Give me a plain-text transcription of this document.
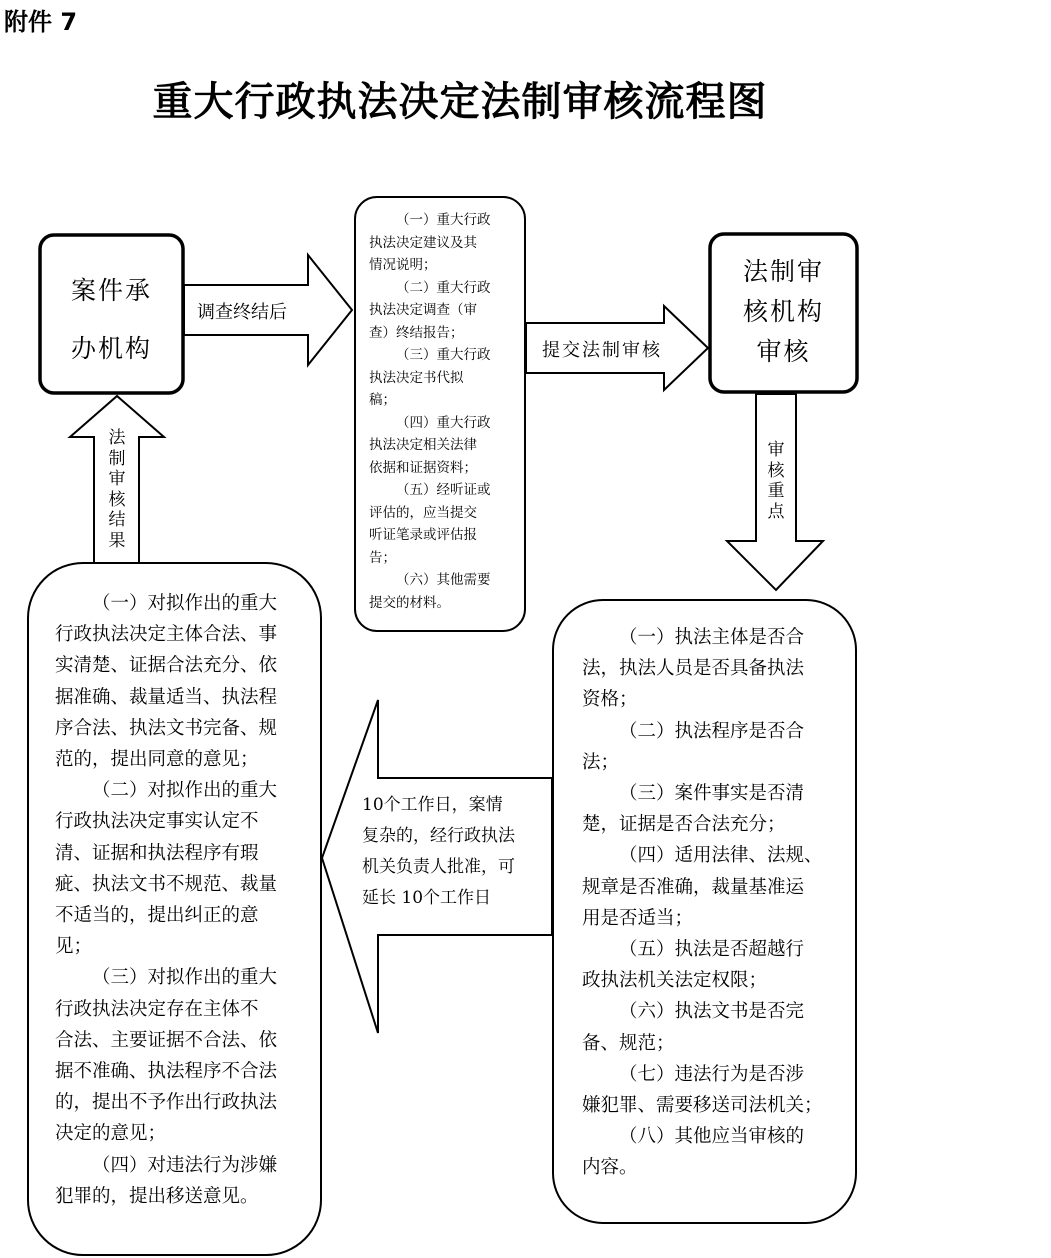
附件 7
重大行政执法决定法制审核流程图
案件承
办机构
法制审
核机构
审核
调查终结后
提交法制审核
审
核
重
点
法
制
审
核
结
果
10个工作日，案情
复杂的，经行政执法
机关负责人批准，可
延长 10个工作日

（一）重大行政

执法决定建议及其

情况说明；

（二）重大行政

执法决定调查（审

查）终结报告；

（三）重大行政

执法决定书代拟

稿；

（四）重大行政

执法决定相关法律

依据和证据资料；

（五）经听证或

评估的，应当提交

听证笔录或评估报

告；

（六）其他需要

提交的材料。

（一）执法主体是否合

法，执法人员是否具备执法

资格；

（二）执法程序是否合

法；

（三）案件事实是否清

楚，证据是否合法充分；

（四）适用法律、法规、

规章是否准确，裁量基准运

用是否适当；

（五）执法是否超越行

政执法机关法定权限；

（六）执法文书是否完

备、规范；

（七）违法行为是否涉

嫌犯罪、需要移送司法机关；

（八）其他应当审核的

内容。

（一）对拟作出的重大

行政执法决定主体合法、事

实清楚、证据合法充分、依

据准确、裁量适当、执法程

序合法、执法文书完备、规

范的，提出同意的意见；

（二）对拟作出的重大

行政执法决定事实认定不

清、证据和执法程序有瑕

疵、执法文书不规范、裁量

不适当的，提出纠正的意

见；

（三）对拟作出的重大

行政执法决定存在主体不

合法、主要证据不合法、依

据不准确、执法程序不合法

的，提出不予作出行政执法

决定的意见；

（四）对违法行为涉嫌

犯罪的，提出移送意见。
